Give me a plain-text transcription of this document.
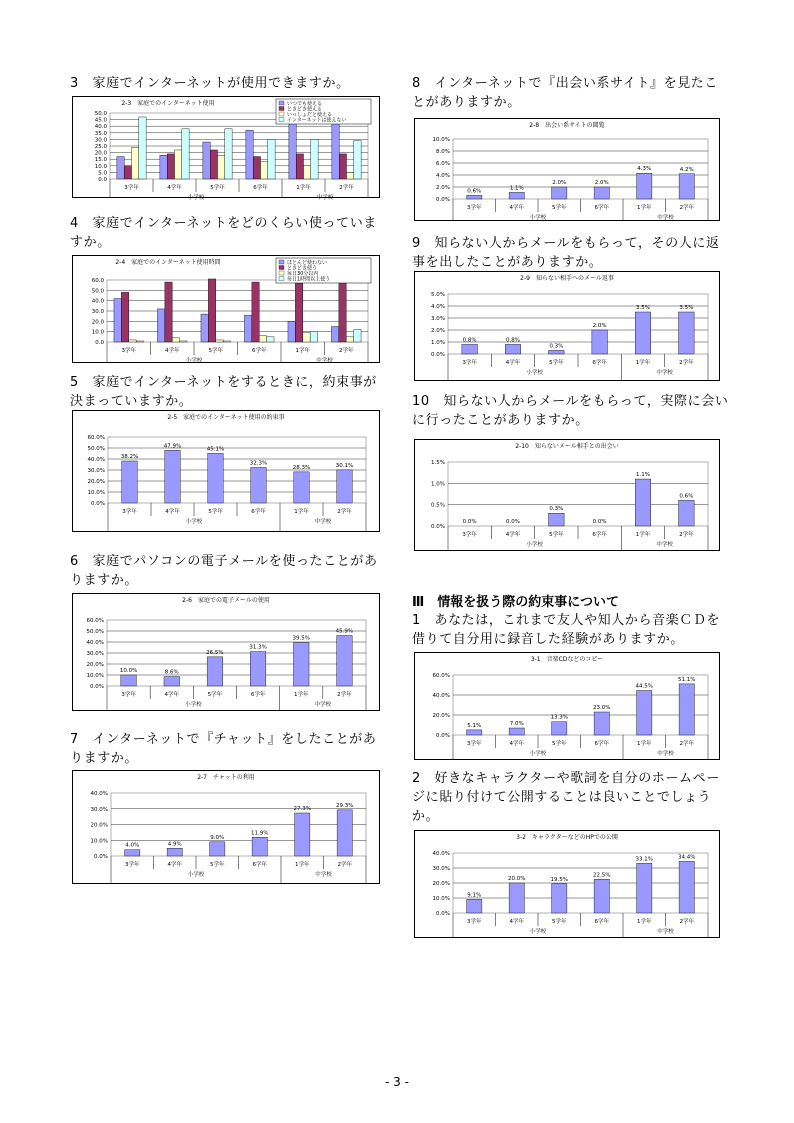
3　家庭でインターネットが使用できますか。
4　家庭でインターネットをどのくらい使っていま
すか。
5　家庭でインターネットをするときに，約束事が
決まっていますか。
6　家庭でパソコンの電子メールを使ったことがあ
りますか。
7　インターネットで『チャット』をしたことがあ
りますか。
8　インターネットで『出会い系サイト』を見たこ
とがありますか。
9　知らない人からメールをもらって，その人に返
事を出したことがありますか。
10　知らない人からメールをもらって，実際に会い
に行ったことがありますか。
Ⅲ　情報を扱う際の約束事について
1　あなたは，これまで友人や知人から音楽ＣＤを
借りて自分用に録音した経験がありますか。
2　好きなキャラクターや歌詞を自分のホームペー
ジに貼り付けて公開することは良いことでしょう
か。
2-3　家庭でのインターネット使用
50.0
45.0
40.0
35.0
30.0
25.0
20.0
15.0
10.0
5.0
0.0
3学年	4学年	5学年	6学年	1学年	2学年
小学校	中学校
いつでも使える
ときどき使える
いっしょだと使える
インターネットは使えない
2-4　家庭でのインターネット使用時間
60.0
50.0
40.0
30.0
20.0
10.0
0.0
3学年	4学年	5学年	6学年	1学年	2学年
小学校	中学校
ほとんど使わない
ときどき使う
毎日30分以内
毎日1時間以上使う
2-5　家庭でのインターネット使用の約束事
60.0%
50.0%
40.0%
30.0%
20.0%
10.0%
0.0%
38.2%
47.9%
45.1%
32.3%
28.3%	30.1%
3学年	4学年	5学年	6学年	1学年	2学年
小学校	中学校
2-6　家庭での電子メールの使用
60.0%
50.0%
40.0%
30.0%
20.0%
10.0%
0.0%
10.0%	8.6%
26.5%
31.3%
39.5%
45.9%
3学年	4学年	5学年	6学年	1学年	2学年
小学校	中学校
2-7　チャットの利用
40.0%
30.0%
20.0%
10.0%
0.0%
4.0%	4.9%
9.0%
11.9%
27.3%
29.3%
3学年	4学年	5学年	6学年	1学年	2学年
小学校	中学校
2-8　出会い系サイトの閲覧
10.0%
8.0%
6.0%
4.0%
2.0%
0.0%
0.6%	1.1%
2.0%	2.0%
4.3%	4.2%
3学年	4学年	5学年	6学年	1学年	2学年
小学校	中学校
2-9　知らない相手へのメール返事
5.0%
4.0%
3.0%
2.0%
1.0%
0.0%
0.8%	0.8%
0.3%
2.0%
3.5%	3.5%
3学年	4学年	5学年	6学年	1学年	2学年
小学校	中学校
2-10　知らないメール相手との出会い
1.5%
1.0%
0.5%
0.0%
0.0%	0.0%
0.3%
0.0%
1.1%
0.6%
3学年	4学年	5学年	6学年	1学年	2学年
小学校	中学校
3-1　音楽CDなどのコピー
60.0%
40.0%
20.0%
0.0%
5.1%	7.0%
13.3%
23.0%
44.5%
51.1%
3学年	4学年	5学年	6学年	1学年	2学年
小学校	中学校
3-2　キャラクターなどのHPでの公開
40.0%
30.0%
20.0%
10.0%
0.0%
9.1%
20.0%	19.5%
22.5%
33.1%	34.4%
3学年	4学年	5学年	6学年	1学年	2学年
小学校	中学校
- 3 -
